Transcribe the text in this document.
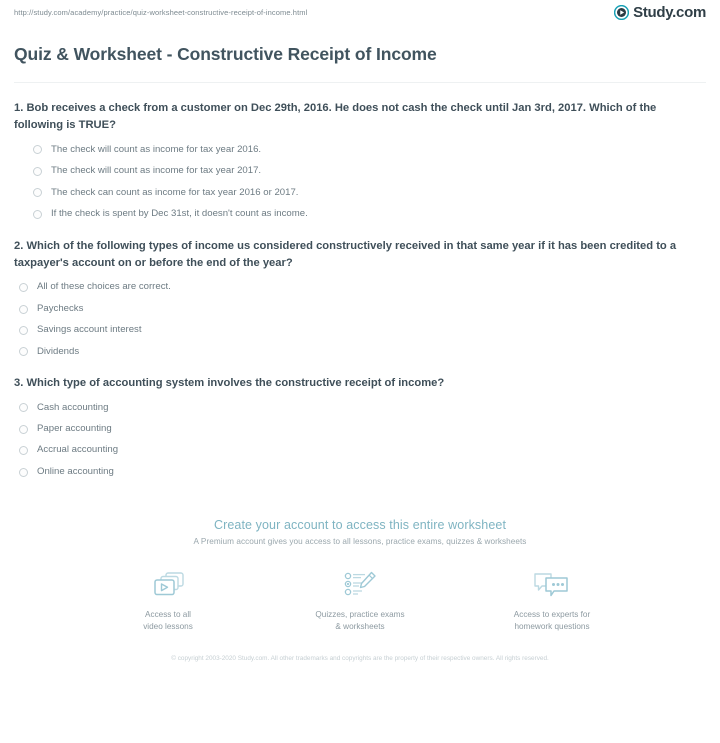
http://study.com/academy/practice/quiz-worksheet-constructive-receipt-of-income.html	Study.com
Quiz & Worksheet - Constructive Receipt of Income

1. Bob receives a check from a customer on Dec 29th, 2016. He does not cash the check until Jan 3rd, 2017. Which of the following is TRUE?

The check will count as income for tax year 2016.
The check will count as income for tax year 2017.
The check can count as income for tax year 2016 or 2017.
If the check is spent by Dec 31st, it doesn't count as income.

2. Which of the following types of income us considered constructively received in that same year if it has been credited to a taxpayer's account on or before the end of the year?

All of these choices are correct.
Paychecks
Savings account interest
Dividends

3. Which type of accounting system involves the constructive receipt of income?

Cash accounting
Paper accounting
Accrual accounting
Online accounting

Create your account to access this entire worksheet

A Premium account gives you access to all lessons, practice exams, quizzes & worksheets

Access to all
video lessons
Quizzes, practice exams
& worksheets
Access to experts for
homework questions
© copyright 2003-2020 Study.com. All other trademarks and copyrights are the property of their respective owners. All rights reserved.
